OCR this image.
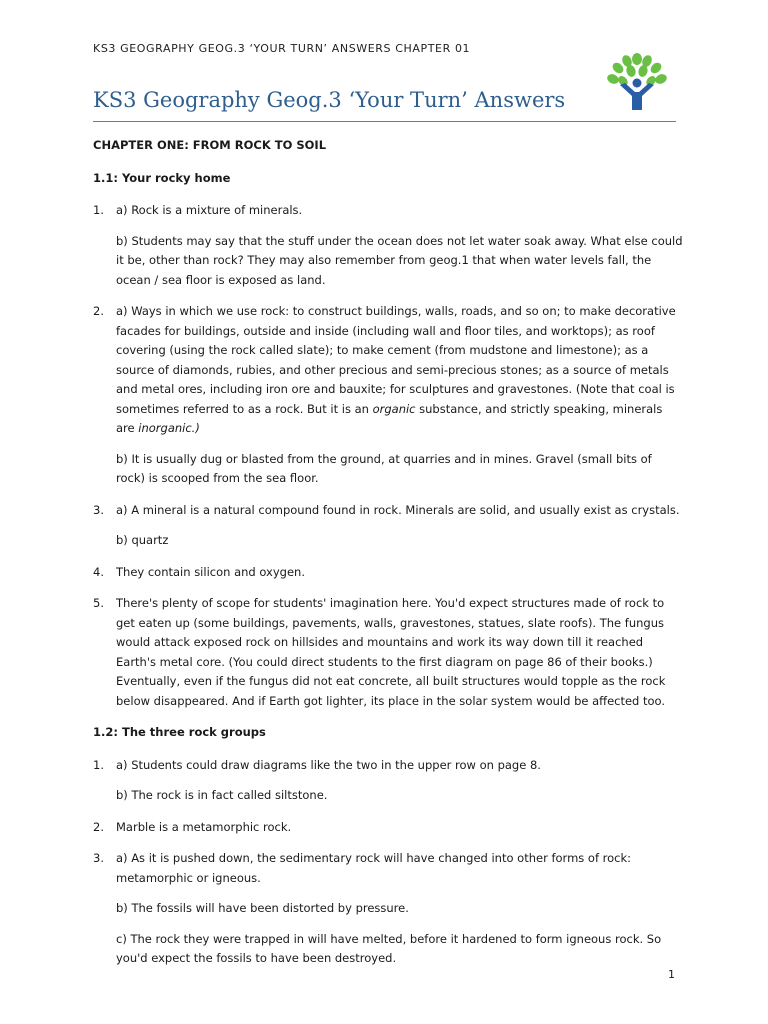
KS3 GEOGRAPHY GEOG.3 ‘YOUR TURN’ ANSWERS CHAPTER 01
KS3 Geography Geog.3 ‘Your Turn’ Answers
CHAPTER ONE: FROM ROCK TO SOIL
1.1: Your rocky home
1. a) Rock is a mixture of minerals.

b) Students may say that the stuff under the ocean does not let water soak away. What else could it be, other than rock? They may also remember from geog.1 that when water levels fall, the ocean / sea floor is exposed as land.

2. a) Ways in which we use rock: to construct buildings, walls, roads, and so on; to make decorative facades for buildings, outside and inside (including wall and floor tiles, and worktops); as roof covering (using the rock called slate); to make cement (from mudstone and limestone); as a source of diamonds, rubies, and other precious and semi-precious stones; as a source of metals and metal ores, including iron ore and bauxite; for sculptures and gravestones. (Note that coal is sometimes referred to as a rock. But it is an organic substance, and strictly speaking, minerals are inorganic.)

b) It is usually dug or blasted from the ground, at quarries and in mines. Gravel (small bits of rock) is scooped from the sea floor.

3. a) A mineral is a natural compound found in rock. Minerals are solid, and usually exist as crystals.

b) quartz

4. They contain silicon and oxygen.

5. There's plenty of scope for students' imagination here. You'd expect structures made of rock to get eaten up (some buildings, pavements, walls, gravestones, statues, slate roofs). The fungus would attack exposed rock on hillsides and mountains and work its way down till it reached Earth's metal core. (You could direct students to the first diagram on page 86 of their books.) Eventually, even if the fungus did not eat concrete, all built structures would topple as the rock below disappeared. And if Earth got lighter, its place in the solar system would be affected too.

1.2: The three rock groups
1. a) Students could draw diagrams like the two in the upper row on page 8.

b) The rock is in fact called siltstone.

2. Marble is a metamorphic rock.

3. a) As it is pushed down, the sedimentary rock will have changed into other forms of rock: metamorphic or igneous.

b) The fossils will have been distorted by pressure.

c) The rock they were trapped in will have melted, before it hardened to form igneous rock. So you'd expect the fossils to have been destroyed.

1
